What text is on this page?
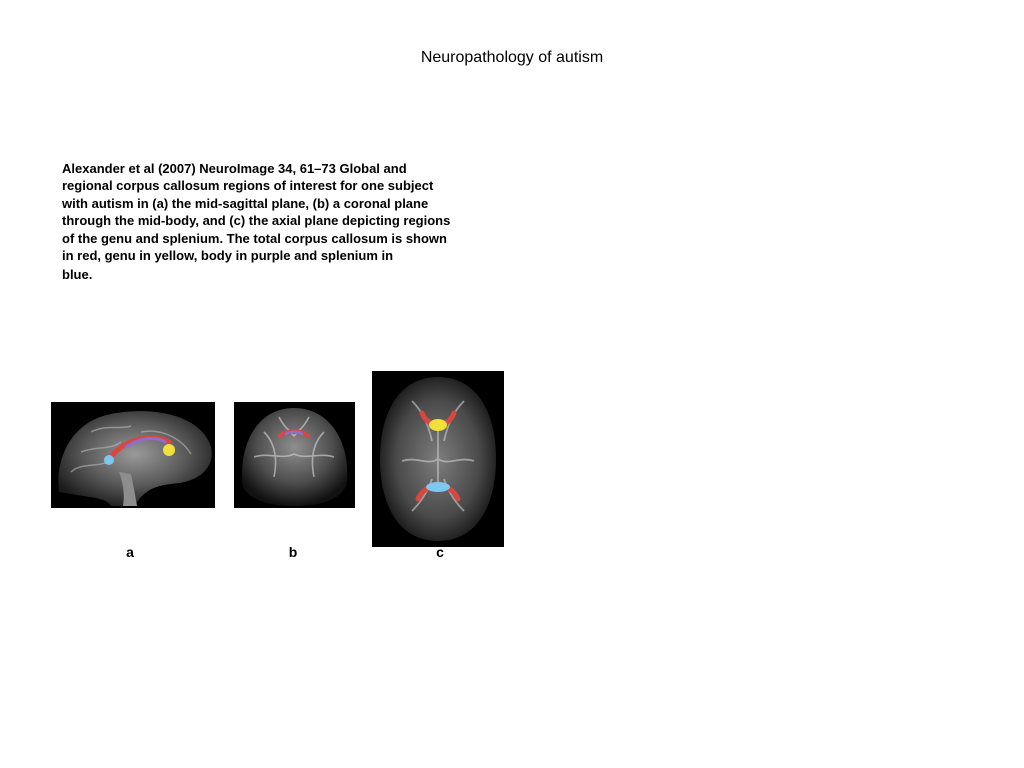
Neuropathology of autism

Alexander et al (2007) NeuroImage 34, 61–73 Global and
regional corpus callosum regions of interest for one subject
with autism in (a) the mid-sagittal plane, (b) a coronal plane
through the mid-body, and (c) the axial plane depicting regions
of the genu and splenium. The total corpus callosum is shown
in red, genu in yellow, body in purple and splenium in
blue.

a	b	c
